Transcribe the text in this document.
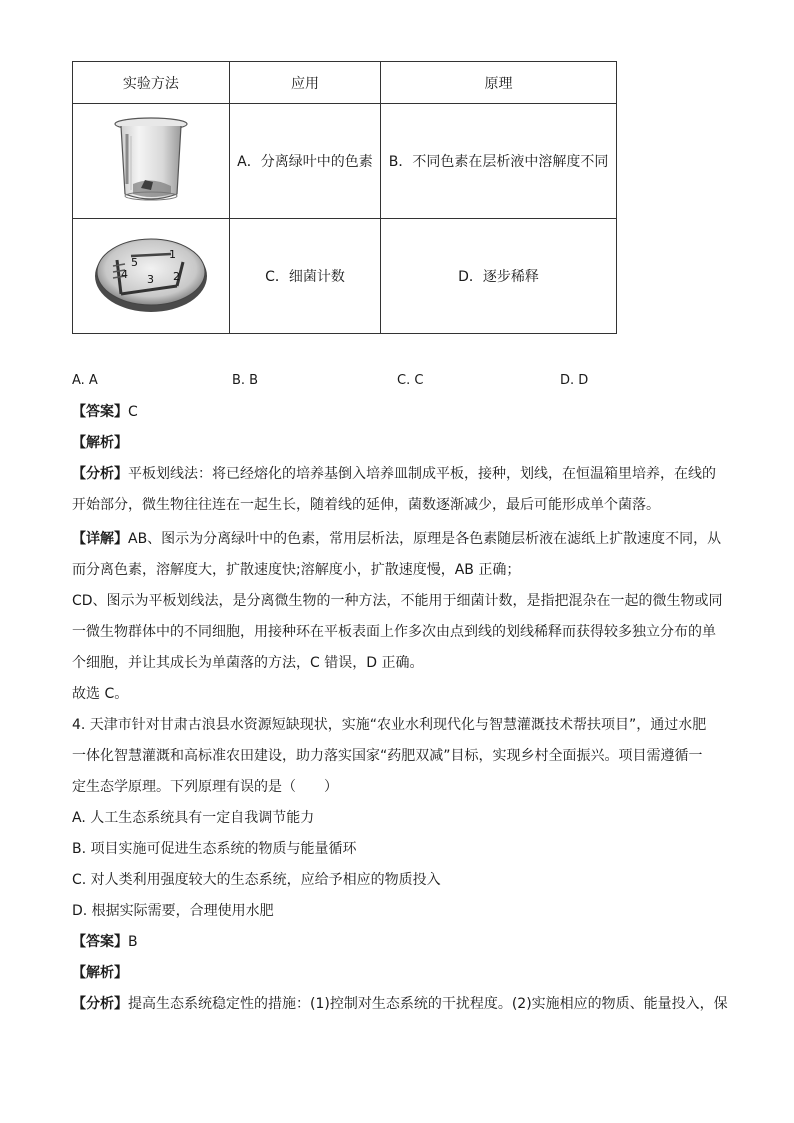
实验方法	应用	原理
	A．分离绿叶中的色素	B．不同色素在层析液中溶解度不同

1
2
3
4
5	C．细菌计数	D．逐步稀释
A. A	B. B	C. C	D. D
【答案】C
【解析】
【分析】平板划线法：将已经熔化的培养基倒入培养皿制成平板，接种，划线，在恒温箱里培养，在线的
开始部分，微生物往往连在一起生长，随着线的延伸，菌数逐渐减少，最后可能形成单个菌落。
【详解】AB、图示为分离绿叶中的色素，常用层析法，原理是各色素随层析液在滤纸上扩散速度不同，从
而分离色素，溶解度大，扩散速度快;溶解度小，扩散速度慢，AB 正确；
CD、图示为平板划线法，是分离微生物的一种方法，不能用于细菌计数，是指把混杂在一起的微生物或同
一微生物群体中的不同细胞，用接种环在平板表面上作多次由点到线的划线稀释而获得较多独立分布的单
个细胞，并让其成长为单菌落的方法，C 错误，D 正确。
故选 C。
4. 天津市针对甘肃古浪县水资源短缺现状，实施“农业水利现代化与智慧灌溉技术帮扶项目”，通过水肥
一体化智慧灌溉和高标准农田建设，助力落实国家“药肥双减”目标，实现乡村全面振兴。项目需遵循一
定生态学原理。下列原理有误的是（　　）
A. 人工生态系统具有一定自我调节能力
B. 项目实施可促进生态系统的物质与能量循环
C. 对人类利用强度较大的生态系统，应给予相应的物质投入
D. 根据实际需要，合理使用水肥
【答案】B
【解析】
【分析】提高生态系统稳定性的措施：(1)控制对生态系统的干扰程度。(2)实施相应的物质、能量投入，保
